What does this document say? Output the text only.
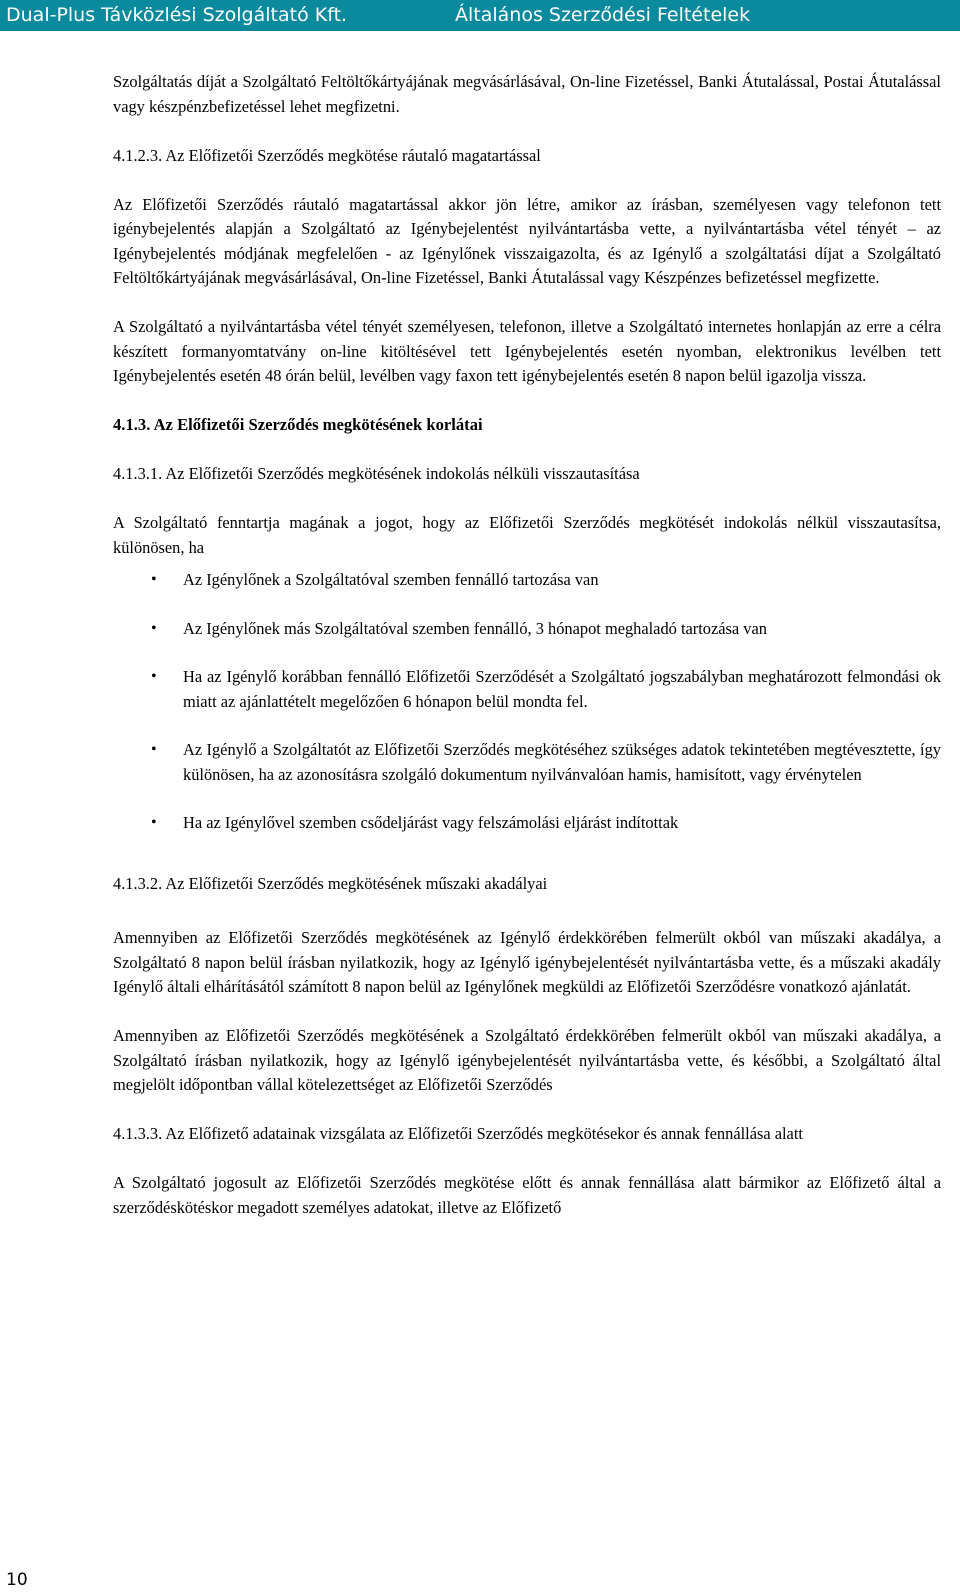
Dual-Plus Távközlési Szolgáltató Kft.	Általános Szerződési Feltételek

Szolgáltatás díját a Szolgáltató Feltöltőkártyájának megvásárlásával, On-line Fizetéssel, Banki Átutalással, Postai Átutalással vagy készpénzbefizetéssel lehet megfizetni.

4.1.2.3. Az Előfizetői Szerződés megkötése ráutaló magatartással

Az Előfizetői Szerződés ráutaló magatartással akkor jön létre, amikor az írásban, személyesen vagy telefonon tett igénybejelentés alapján a Szolgáltató az Igénybejelentést nyilvántartásba vette, a nyilvántartásba vétel tényét – az Igénybejelentés módjának megfelelően - az Igénylőnek visszaigazolta, és az Igénylő a szolgáltatási díjat a Szolgáltató Feltöltőkártyájának megvásárlásával, On-line Fizetéssel, Banki Átutalással vagy Készpénzes befizetéssel megfizette.

A Szolgáltató a nyilvántartásba vétel tényét személyesen, telefonon, illetve a Szolgáltató internetes honlapján az erre a célra készített formanyomtatvány on-line kitöltésével tett Igénybejelentés esetén nyomban, elektronikus levélben tett Igénybejelentés esetén 48 órán belül, levélben vagy faxon tett igénybejelentés esetén 8 napon belül igazolja vissza.

4.1.3. Az Előfizetői Szerződés megkötésének korlátai

4.1.3.1. Az Előfizetői Szerződés megkötésének indokolás nélküli visszautasítása

A Szolgáltató fenntartja magának a jogot, hogy az Előfizetői Szerződés megkötését indokolás nélkül visszautasítsa, különösen, ha

• Az Igénylőnek a Szolgáltatóval szemben fennálló tartozása van

• Az Igénylőnek más Szolgáltatóval szemben fennálló, 3 hónapot meghaladó tartozása van

• Ha az Igénylő korábban fennálló Előfizetői Szerződését a Szolgáltató jogszabályban meghatározott felmondási ok miatt az ajánlattételt megelőzően 6 hónapon belül mondta fel.

• Az Igénylő a Szolgáltatót az Előfizetői Szerződés megkötéséhez szükséges adatok tekintetében megtévesztette, így különösen, ha az azonosításra szolgáló dokumentum nyilvánvalóan hamis, hamisított, vagy érvénytelen

• Ha az Igénylővel szemben csődeljárást vagy felszámolási eljárást indítottak

4.1.3.2. Az Előfizetői Szerződés megkötésének műszaki akadályai

Amennyiben az Előfizetői Szerződés megkötésének az Igénylő érdekkörében felmerült okból van műszaki akadálya, a Szolgáltató 8 napon belül írásban nyilatkozik, hogy az Igénylő igénybejelentését nyilvántartásba vette, és a műszaki akadály Igénylő általi elhárításától számított 8 napon belül az Igénylőnek megküldi az Előfizetői Szerződésre vonatkozó ajánlatát.

Amennyiben az Előfizetői Szerződés megkötésének a Szolgáltató érdekkörében felmerült okból van műszaki akadálya, a Szolgáltató írásban nyilatkozik, hogy az Igénylő igénybejelentését nyilvántartásba vette, és későbbi, a Szolgáltató által megjelölt időpontban vállal kötelezettséget az Előfizetői Szerződés

4.1.3.3. Az Előfizető adatainak vizsgálata az Előfizetői Szerződés megkötésekor és annak fennállása alatt

A Szolgáltató jogosult az Előfizetői Szerződés megkötése előtt és annak fennállása alatt bármikor az Előfizető által a szerződéskötéskor megadott személyes adatokat, illetve az Előfizető

10
